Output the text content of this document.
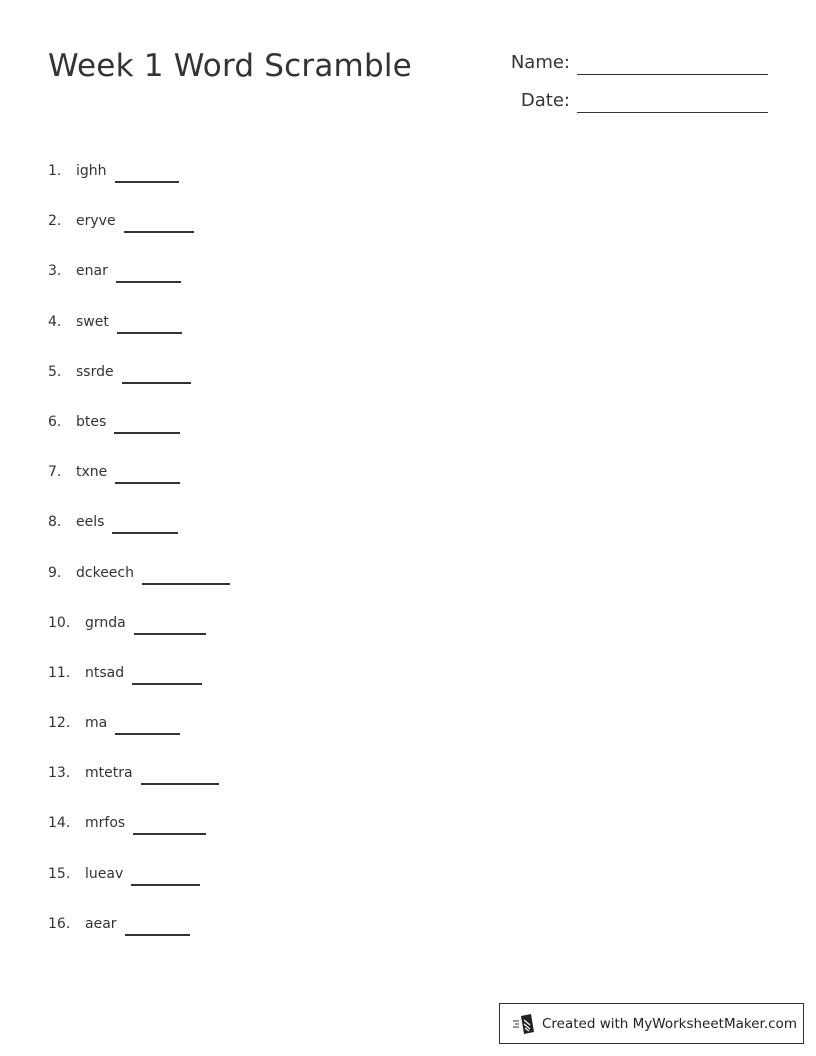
Week 1 Word Scramble	Name:
Date:
1.	ighh
2.	eryve
3.	enar
4.	swet
5.	ssrde
6.	btes
7.	txne
8.	eels
9.	dckeech
10.	grnda
11.	ntsad
12.	ma
13.	mtetra
14.	mrfos
15.	lueav
16.	aear
Created with MyWorksheetMaker.com
